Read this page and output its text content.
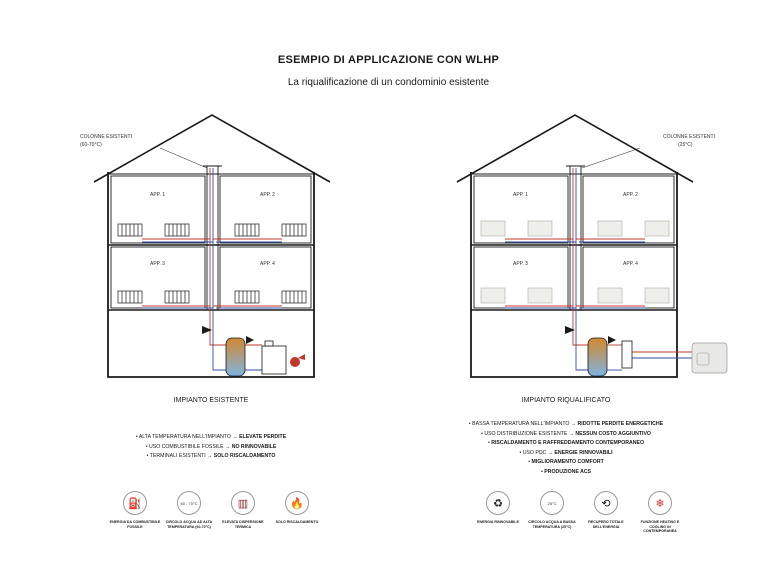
ESEMPIO DI APPLICAZIONE CON WLHP
La riqualificazione di un condominio esistente
APP. 1	APP. 2
APP. 3	APP. 4
COLONNE ESISTENTI
(60-70°C)
APP. 1	APP. 2
APP. 3	APP. 4
COLONNE ESISTENTI
(25°C)
IMPIANTO ESISTENTE	IMPIANTO RIQUALIFICATO
• ALTA TEMPERATURA NELL'IMPIANTO → ELEVATE PERDITE
• USO COMBUSTIBILE FOSSILE → NO RINNOVABILE
• TERMINALI ESISTENTI → SOLO RISCALDAMENTO
• BASSA TEMPERATURA NELL'IMPIANTO → RIDOTTE PERDITE ENERGETICHE
• USO DISTRIBUZIONE ESISTENTE → NESSUN COSTO AGGIUNTIVO
• RISCALDAMENTO E RAFFREDDAMENTO CONTEMPORANEO
• USO PDC → ENERGIE RINNOVABILI
• MIGLIORAMENTO COMFORT
• PRODUZIONE ACS
⛽
ENERGIA DA COMBUSTIBILE FOSSILE
60 - 70°C
CIRCOLO ACQUA AD ALTA TEMPERATURA (60-70°C)
▥
ELEVATA DISPERSIONE TERMICA
🔥
SOLO RISCALDAMENTO
♻
ENERGIA RINNOVABILE
25°C
CIRCOLO ACQUA A BASSA TEMPERATURA (25°C)
⟲
RECUPERO TOTALE DELL'ENERGIA
❄
FUNZIONE HEATING E COOLING IN CONTEMPORANEA
